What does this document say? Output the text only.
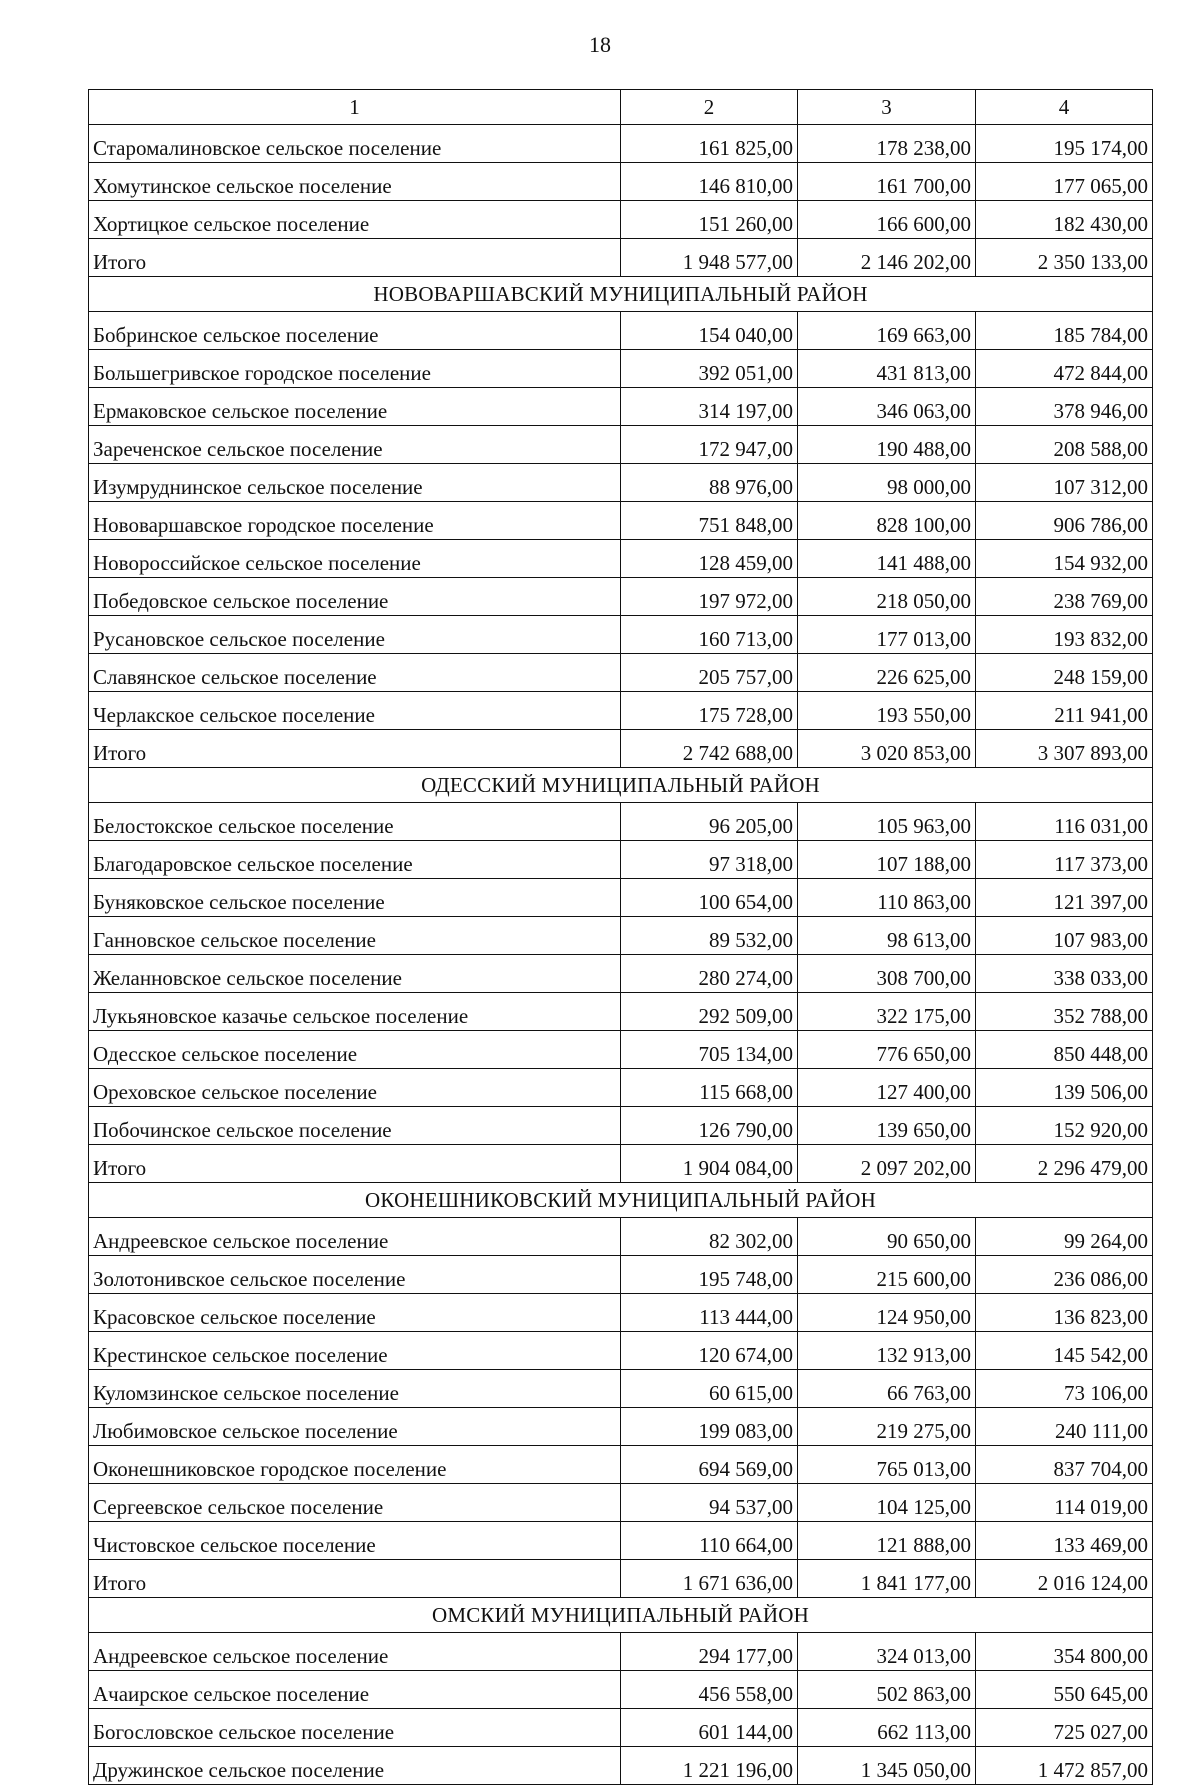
18
1	2	3	4
Старомалиновское сельское поселение	161 825,00	178 238,00	195 174,00
Хомутинское сельское поселение	146 810,00	161 700,00	177 065,00
Хортицкое сельское поселение	151 260,00	166 600,00	182 430,00
Итого	1 948 577,00	2 146 202,00	2 350 133,00
НОВОВАРШАВСКИЙ МУНИЦИПАЛЬНЫЙ РАЙОН			
Бобринское сельское поселение	154 040,00	169 663,00	185 784,00
Большегривское городское поселение	392 051,00	431 813,00	472 844,00
Ермаковское сельское поселение	314 197,00	346 063,00	378 946,00
Зареченское сельское поселение	172 947,00	190 488,00	208 588,00
Изумруднинское сельское поселение	88 976,00	98 000,00	107 312,00
Нововаршавское городское поселение	751 848,00	828 100,00	906 786,00
Новороссийское сельское поселение	128 459,00	141 488,00	154 932,00
Победовское сельское поселение	197 972,00	218 050,00	238 769,00
Русановское сельское поселение	160 713,00	177 013,00	193 832,00
Славянское сельское поселение	205 757,00	226 625,00	248 159,00
Черлакское сельское поселение	175 728,00	193 550,00	211 941,00
Итого	2 742 688,00	3 020 853,00	3 307 893,00
ОДЕССКИЙ МУНИЦИПАЛЬНЫЙ РАЙОН			
Белостокское сельское поселение	96 205,00	105 963,00	116 031,00
Благодаровское сельское поселение	97 318,00	107 188,00	117 373,00
Буняковское сельское поселение	100 654,00	110 863,00	121 397,00
Ганновское сельское поселение	89 532,00	98 613,00	107 983,00
Желанновское сельское поселение	280 274,00	308 700,00	338 033,00
Лукьяновское казачье сельское поселение	292 509,00	322 175,00	352 788,00
Одесское сельское поселение	705 134,00	776 650,00	850 448,00
Ореховское сельское поселение	115 668,00	127 400,00	139 506,00
Побочинское сельское поселение	126 790,00	139 650,00	152 920,00
Итого	1 904 084,00	2 097 202,00	2 296 479,00
ОКОНЕШНИКОВСКИЙ МУНИЦИПАЛЬНЫЙ РАЙОН			
Андреевское сельское поселение	82 302,00	90 650,00	99 264,00
Золотонивское сельское поселение	195 748,00	215 600,00	236 086,00
Красовское сельское поселение	113 444,00	124 950,00	136 823,00
Крестинское сельское поселение	120 674,00	132 913,00	145 542,00
Куломзинское сельское поселение	60 615,00	66 763,00	73 106,00
Любимовское сельское поселение	199 083,00	219 275,00	240 111,00
Оконешниковское городское поселение	694 569,00	765 013,00	837 704,00
Сергеевское сельское поселение	94 537,00	104 125,00	114 019,00
Чистовское сельское поселение	110 664,00	121 888,00	133 469,00
Итого	1 671 636,00	1 841 177,00	2 016 124,00
ОМСКИЙ МУНИЦИПАЛЬНЫЙ РАЙОН			
Андреевское сельское поселение	294 177,00	324 013,00	354 800,00
Ачаирское сельское поселение	456 558,00	502 863,00	550 645,00
Богословское сельское поселение	601 144,00	662 113,00	725 027,00
Дружинское сельское поселение	1 221 196,00	1 345 050,00	1 472 857,00
